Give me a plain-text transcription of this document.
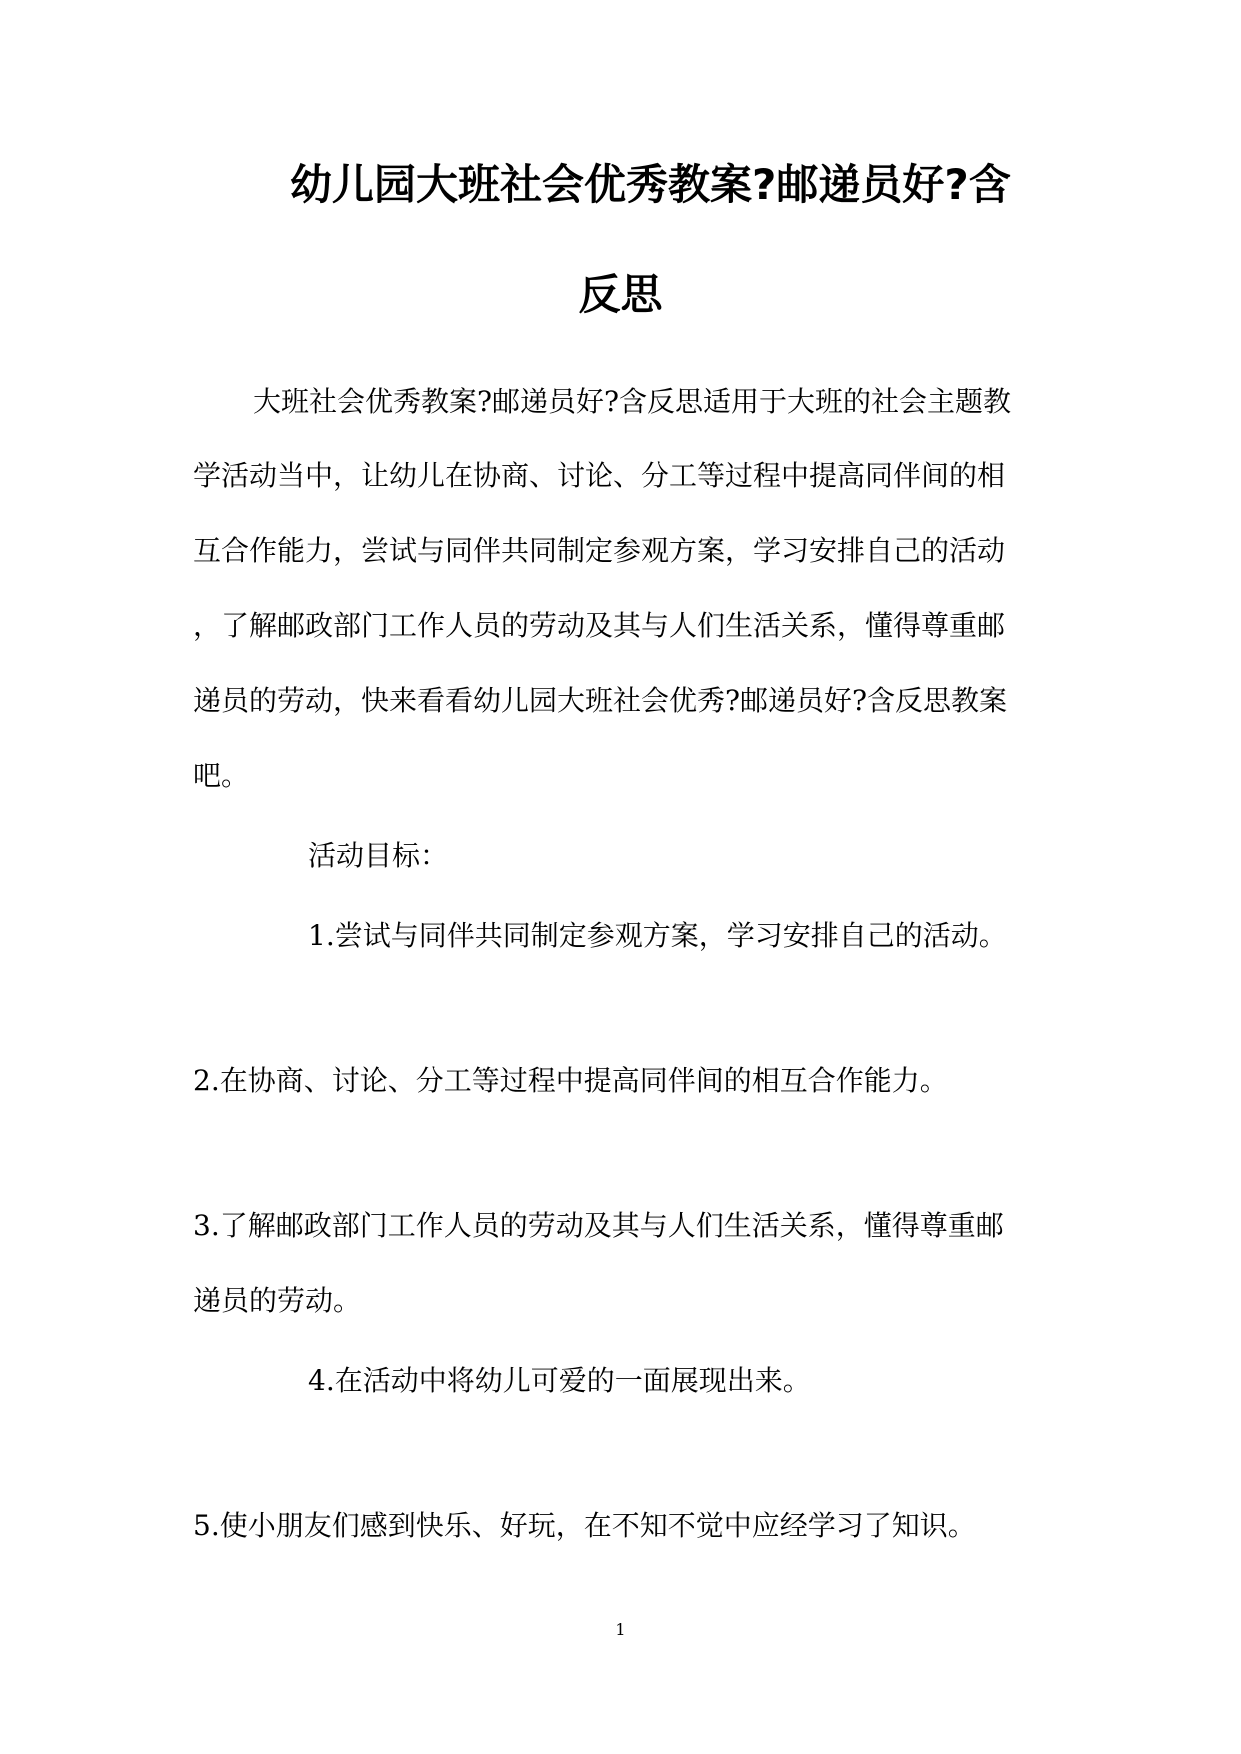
幼儿园大班社会优秀教案?邮递员好?含
反思
大班社会优秀教案?邮递员好?含反思适用于大班的社会主题教
学活动当中，让幼儿在协商、讨论、分工等过程中提高同伴间的相
互合作能力，尝试与同伴共同制定参观方案，学习安排自己的活动
，了解邮政部门工作人员的劳动及其与人们生活关系，懂得尊重邮
递员的劳动，快来看看幼儿园大班社会优秀?邮递员好?含反思教案
吧。
活动目标：
1.尝试与同伴共同制定参观方案，学习安排自己的活动。
2.在协商、讨论、分工等过程中提高同伴间的相互合作能力。
3.了解邮政部门工作人员的劳动及其与人们生活关系，懂得尊重邮
递员的劳动。
4.在活动中将幼儿可爱的一面展现出来。
5.使小朋友们感到快乐、好玩，在不知不觉中应经学习了知识。
1
